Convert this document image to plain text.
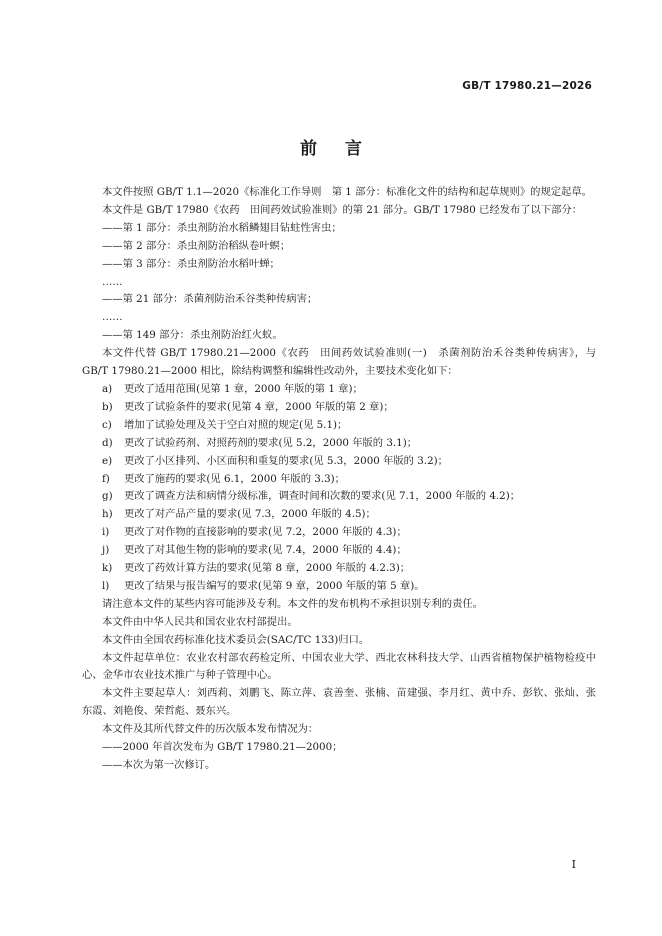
GB/T 17980.21—2026
前言

本文件按照 GB/T 1.1—2020《标准化工作导则　第 1 部分：标准化文件的结构和起草规则》的规定起草。

本文件是 GB/T 17980《农药　田间药效试验准则》的第 21 部分。GB/T 17980 已经发布了以下部分：

——第 1 部分：杀虫剂防治水稻鳞翅目钻蛀性害虫；
——第 2 部分：杀虫剂防治稻纵卷叶螟；
——第 3 部分：杀虫剂防治水稻叶蝉；
……
——第 21 部分：杀菌剂防治禾谷类种传病害；
……
——第 149 部分：杀虫剂防治红火蚁。

本文件代替 GB/T 17980.21—2000《农药　田间药效试验准则(一)　杀菌剂防治禾谷类种传病害》，与 GB/T 17980.21—2000 相比，除结构调整和编辑性改动外，主要技术变化如下：

a) 更改了适用范围(见第 1 章，2000 年版的第 1 章)；
b) 更改了试验条件的要求(见第 4 章，2000 年版的第 2 章)；
c) 增加了试验处理及关于空白对照的规定(见 5.1)；
d) 更改了试验药剂、对照药剂的要求(见 5.2，2000 年版的 3.1)；
e) 更改了小区排列、小区面积和重复的要求(见 5.3，2000 年版的 3.2)；
f) 更改了施药的要求(见 6.1，2000 年版的 3.3)；
g) 更改了调查方法和病情分级标准，调查时间和次数的要求(见 7.1，2000 年版的 4.2)；
h) 更改了对产品产量的要求(见 7.3，2000 年版的 4.5)；
i) 更改了对作物的直接影响的要求(见 7.2，2000 年版的 4.3)；
j) 更改了对其他生物的影响的要求(见 7.4，2000 年版的 4.4)；
k) 更改了药效计算方法的要求(见第 8 章，2000 年版的 4.2.3)；
l) 更改了结果与报告编写的要求(见第 9 章，2000 年版的第 5 章)。

请注意本文件的某些内容可能涉及专利。本文件的发布机构不承担识别专利的责任。

本文件由中华人民共和国农业农村部提出。

本文件由全国农药标准化技术委员会(SAC/TC 133)归口。

本文件起草单位：农业农村部农药检定所、中国农业大学、西北农林科技大学、山西省植物保护植物检疫中心、金华市农业技术推广与种子管理中心。

本文件主要起草人：刘西莉、刘鹏飞、陈立萍、袁善奎、张楠、苗建强、李月红、黄中乔、彭钦、张灿、张东霞、刘艳俊、荣哲彪、聂东兴。

本文件及其所代替文件的历次版本发布情况为：

——2000 年首次发布为 GB/T 17980.21—2000；
——本次为第一次修订。
I
